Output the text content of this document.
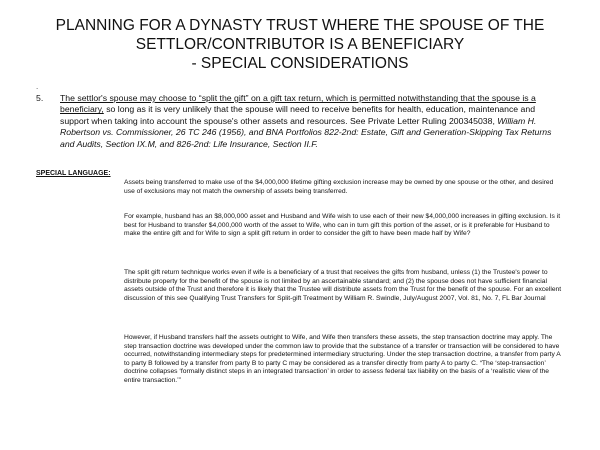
PLANNING FOR A DYNASTY TRUST WHERE THE SPOUSE OF THE
SETTLOR/CONTRIBUTOR IS A BENEFICIARY
- SPECIAL CONSIDERATIONS
.
5. The settlor's spouse may choose to “split the gift” on a gift tax return, which is permitted notwithstanding that the spouse is a beneficiary, so long as it is very unlikely that the spouse will need to receive benefits for health, education, maintenance and support when taking into account the spouse's other assets and resources. See Private Letter Ruling 200345038, William H. Robertson vs. Commissioner, 26 TC 246 (1956), and BNA Portfolios 822-2nd: Estate, Gift and Generation-Skipping Tax Returns and Audits, Section IX.M, and 826-2nd: Life Insurance, Section II.F.
SPECIAL LANGUAGE:
Assets being transferred to make use of the $4,000,000 lifetime gifting exclusion increase may be owned by one spouse or the other, and desired use of exclusions may not match the ownership of assets being transferred.
For example, husband has an $8,000,000 asset and Husband and Wife wish to use each of their new $4,000,000 increases in gifting exclusion. Is it best for Husband to transfer $4,000,000 worth of the asset to Wife, who can in turn gift this portion of the asset, or is it preferable for Husband to make the entire gift and for Wife to sign a split gift return in order to consider the gift to have been made half by Wife?
The split gift return technique works even if wife is a beneficiary of a trust that receives the gifts from husband, unless (1) the Trustee's power to distribute property for the benefit of the spouse is not limited by an ascertainable standard; and (2) the spouse does not have sufficient financial assets outside of the Trust and therefore it is likely that the Trustee will distribute assets from the Trust for the benefit of the spouse. For an excellent discussion of this see Qualifying Trust Transfers for Split-gift Treatment by William R. Swindle, July/August 2007, Vol. 81, No. 7, FL Bar Journal
However, if Husband transfers half the assets outright to Wife, and Wife then transfers these assets, the step transaction doctrine may apply. The step transaction doctrine was developed under the common law to provide that the substance of a transfer or transaction will be considered to have occurred, notwithstanding intermediary steps for predetermined intermediary structuring. Under the step transaction doctrine, a transfer from party A to party B followed by a transfer from party B to party C may be considered as a transfer directly from party A to party C. “The ‘step-transaction’ doctrine collapses ‘formally distinct steps in an integrated transaction’ in order to assess federal tax liability on the basis of a ‘realistic view of the entire transaction.’”
